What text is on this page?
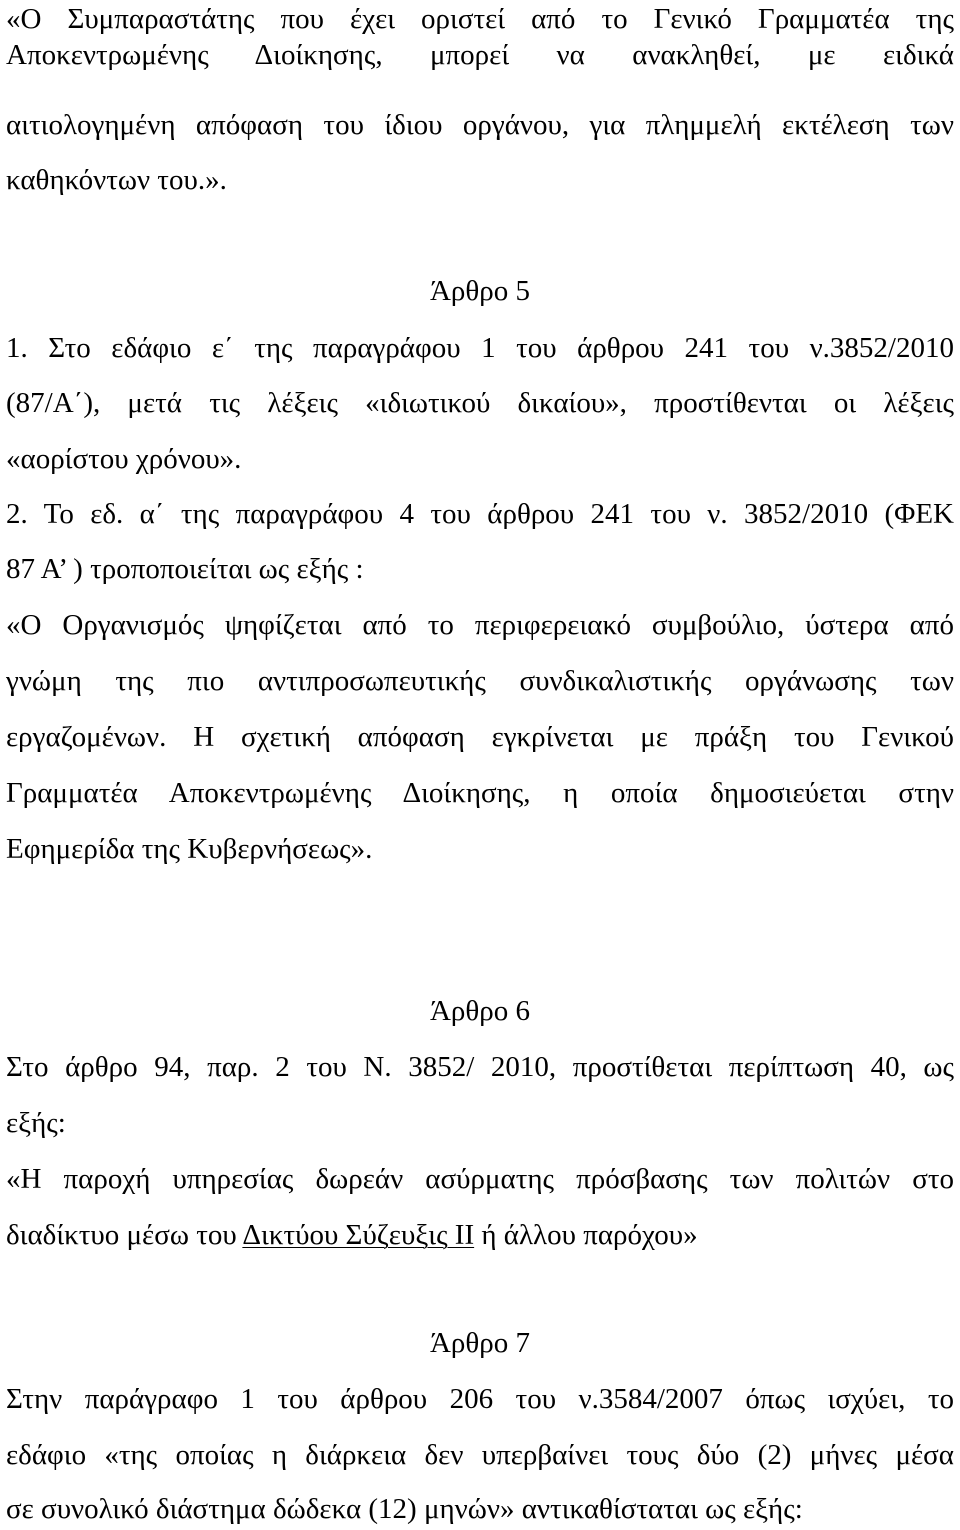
«Ο Συμπαραστάτης που έχει οριστεί από το Γενικό Γραμματέα της
Αποκεντρωμένης Διοίκησης, μπορεί να ανακληθεί, με ειδικά
αιτιολογημένη απόφαση του ίδιου οργάνου, για πλημμελή εκτέλεση των
καθηκόντων του.».
Άρθρο 5
1. Στο εδάφιο ε΄ της παραγράφου 1 του άρθρου 241 του ν.3852/2010
(87/Α΄), μετά τις λέξεις «ιδιωτικού δικαίου», προστίθενται οι λέξεις
«αορίστου χρόνου».
2. Το εδ. α΄ της παραγράφου 4 του άρθρου 241 του ν. 3852/2010 (ΦΕΚ
87 Α’ ) τροποποιείται ως εξής :
«Ο Οργανισμός ψηφίζεται από το περιφερειακό συμβούλιο, ύστερα από
γνώμη της πιο αντιπροσωπευτικής συνδικαλιστικής οργάνωσης των
εργαζομένων. Η σχετική απόφαση εγκρίνεται με πράξη του Γενικού
Γραμματέα Αποκεντρωμένης Διοίκησης, η οποία δημοσιεύεται στην
Εφημερίδα της Κυβερνήσεως».
Άρθρο 6
Στο άρθρο 94, παρ. 2 του Ν. 3852/ 2010, προστίθεται περίπτωση 40, ως
εξής:
«Η παροχή υπηρεσίας δωρεάν ασύρματης πρόσβασης των πολιτών στο
διαδίκτυο μέσω του Δικτύου Σύζευξις ΙΙ ή άλλου παρόχου»
Άρθρο 7
Στην παράγραφο 1 του άρθρου 206 του ν.3584/2007 όπως ισχύει, το
εδάφιο «της οποίας η διάρκεια δεν υπερβαίνει τους δύο (2) μήνες μέσα
σε συνολικό διάστημα δώδεκα (12) μηνών» αντικαθίσταται ως εξής:
